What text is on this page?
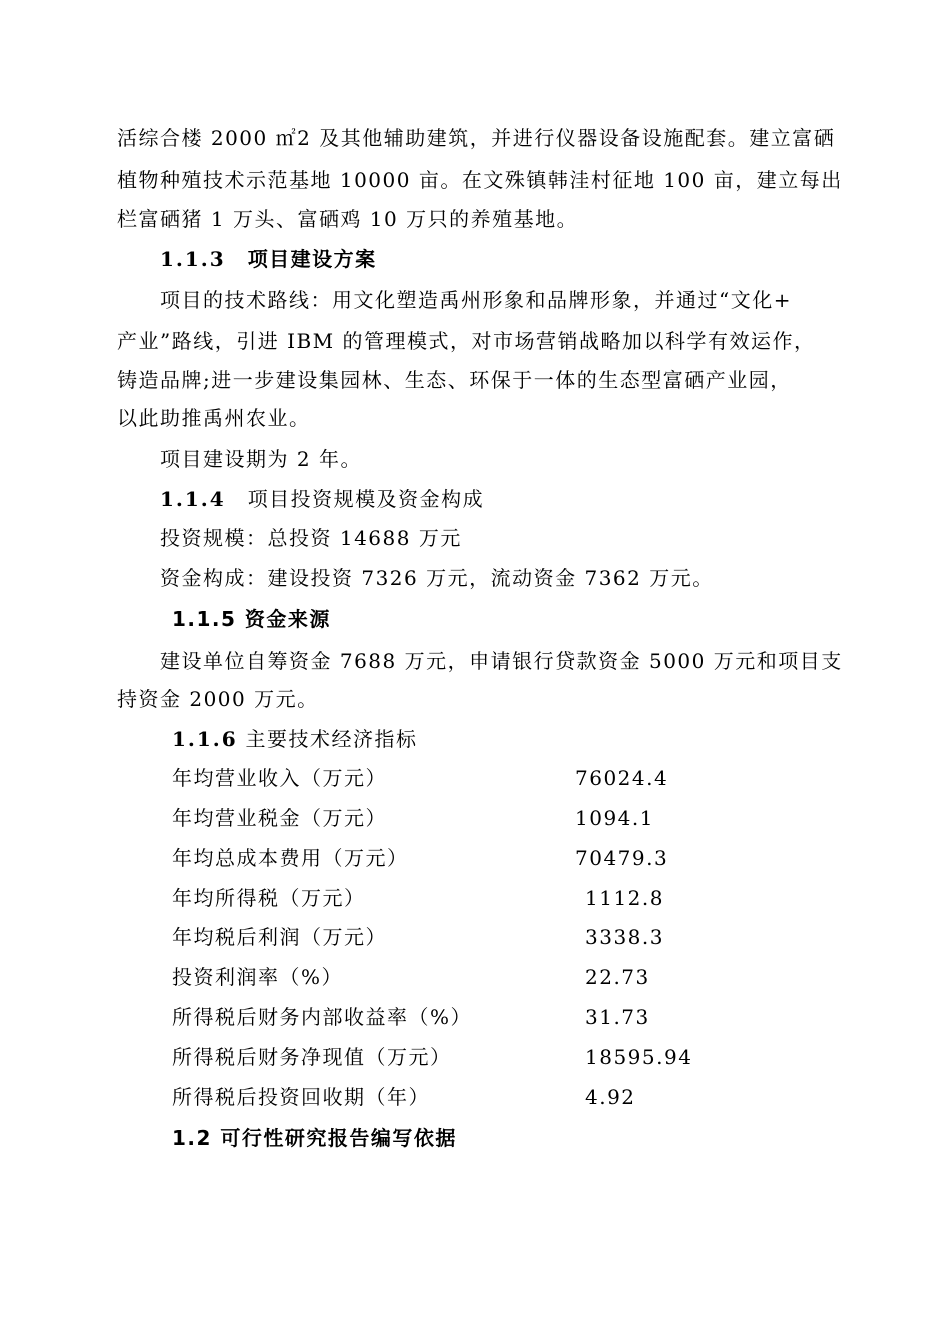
活综合楼 2000 ㎡2 及其他辅助建筑，并进行仪器设备设施配套。建立富硒
植物种殖技术示范基地 10000 亩。在文殊镇韩洼村征地 100 亩，建立每出
栏富硒猪 1 万头、富硒鸡 10 万只的养殖基地。
1.1.3 项目建设方案
项目的技术路线：用文化塑造禹州形象和品牌形象，并通过“文化+
产业”路线，引进 IBM 的管理模式，对市场营销战略加以科学有效运作，
铸造品牌;进一步建设集园林、生态、环保于一体的生态型富硒产业园，
以此助推禹州农业。
项目建设期为 2 年。
1.1.4 项目投资规模及资金构成
投资规模：总投资 14688 万元
资金构成：建设投资 7326 万元，流动资金 7362 万元。
1.1.5 资金来源
建设单位自筹资金 7688 万元，申请银行贷款资金 5000 万元和项目支
持资金 2000 万元。
1.1.6 主要技术经济指标
年均营业收入（万元）	76024.4
年均营业税金（万元）	1094.1
年均总成本费用（万元）	70479.3
年均所得税（万元）	1112.8
年均税后利润（万元）	3338.3
投资利润率（%）	22.73
所得税后财务内部收益率（%）	31.73
所得税后财务净现值（万元）	18595.94
所得税后投资回收期（年）	4.92
1.2 可行性研究报告编写依据
